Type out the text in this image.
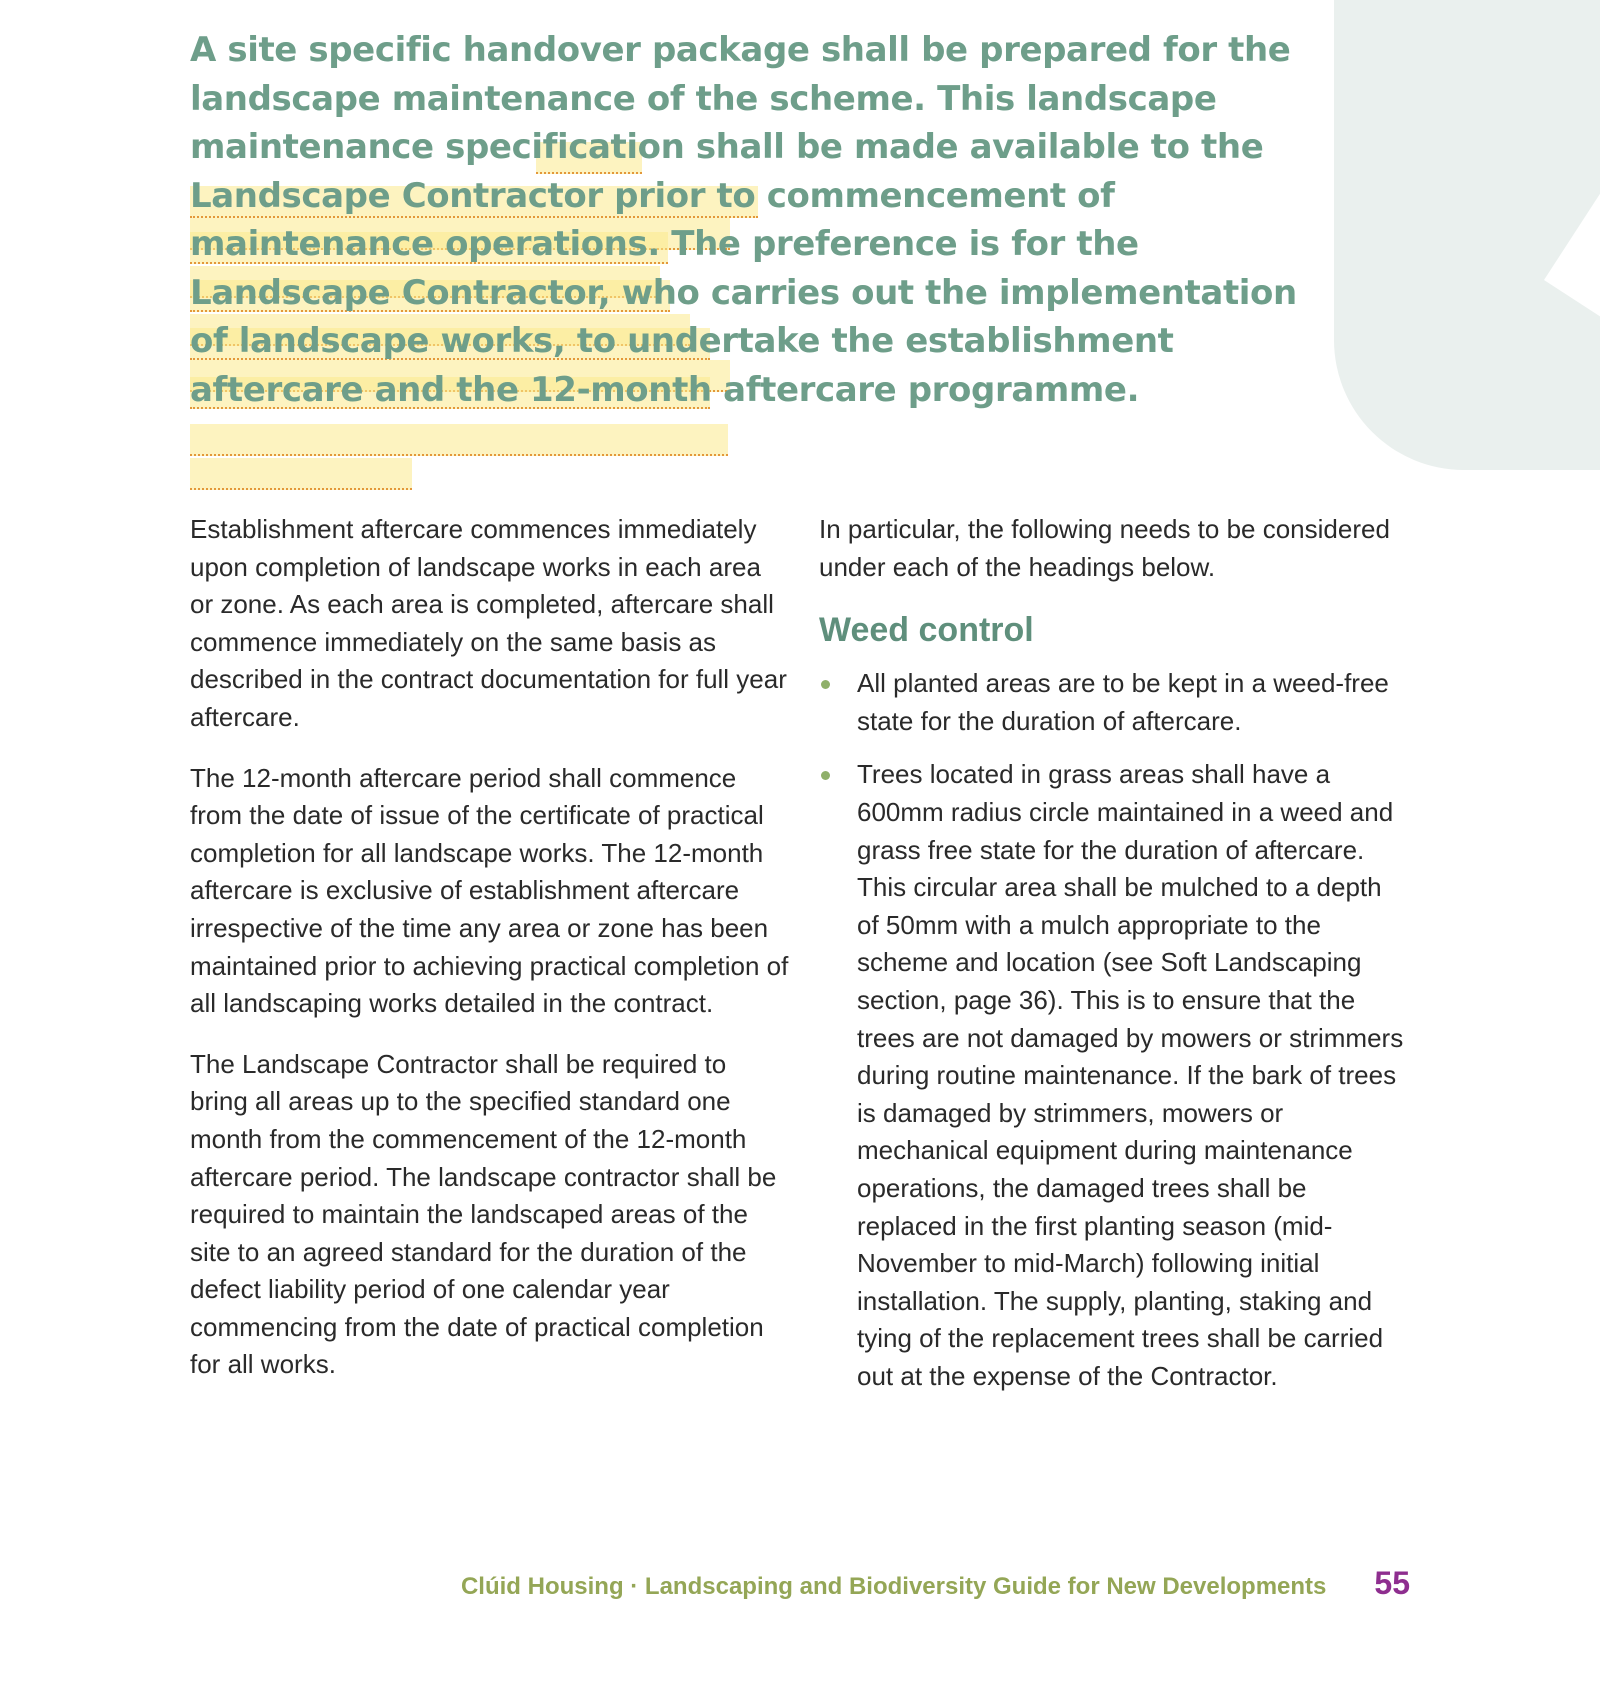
A site specific handover package shall be prepared for the landscape maintenance of the scheme. This landscape maintenance specification shall be made available to the Landscape Contractor prior to commencement of maintenance operations. The preference is for the Landscape Contractor, who carries out the implementation of landscape works, to undertake the establishment aftercare and the 12-month aftercare programme.

Establishment aftercare commences immediately upon completion of landscape works in each area or zone. As each area is completed, aftercare shall commence immediately on the same basis as described in the contract documentation for full year aftercare.

The 12-month aftercare period shall commence from the date of issue of the certificate of practical completion for all landscape works. The 12-month aftercare is exclusive of establishment aftercare irrespective of the time any area or zone has been maintained prior to achieving practical completion of all landscaping works detailed in the contract.

The Landscape Contractor shall be required to bring all areas up to the specified standard one month from the commencement of the 12-month aftercare period. The landscape contractor shall be required to maintain the landscaped areas of the site to an agreed standard for the duration of the defect liability period of one calendar year commencing from the date of practical completion for all works.

In particular, the following needs to be considered under each of the headings below.

Weed control
All planted areas are to be kept in a weed-free state for the duration of aftercare.
Trees located in grass areas shall have a 600mm radius circle maintained in a weed and grass free state for the duration of aftercare. This circular area shall be mulched to a depth of 50mm with a mulch appropriate to the scheme and location (see Soft Landscaping section, page 36). This is to ensure that the trees are not damaged by mowers or strimmers during routine maintenance. If the bark of trees is damaged by strimmers, mowers or mechanical equipment during maintenance operations, the damaged trees shall be replaced in the first planting season (mid-November to mid-March) following initial installation. The supply, planting, staking and tying of the replacement trees shall be carried out at the expense of the Contractor.
Clúid Housing · Landscaping and Biodiversity Guide for New Developments 55
